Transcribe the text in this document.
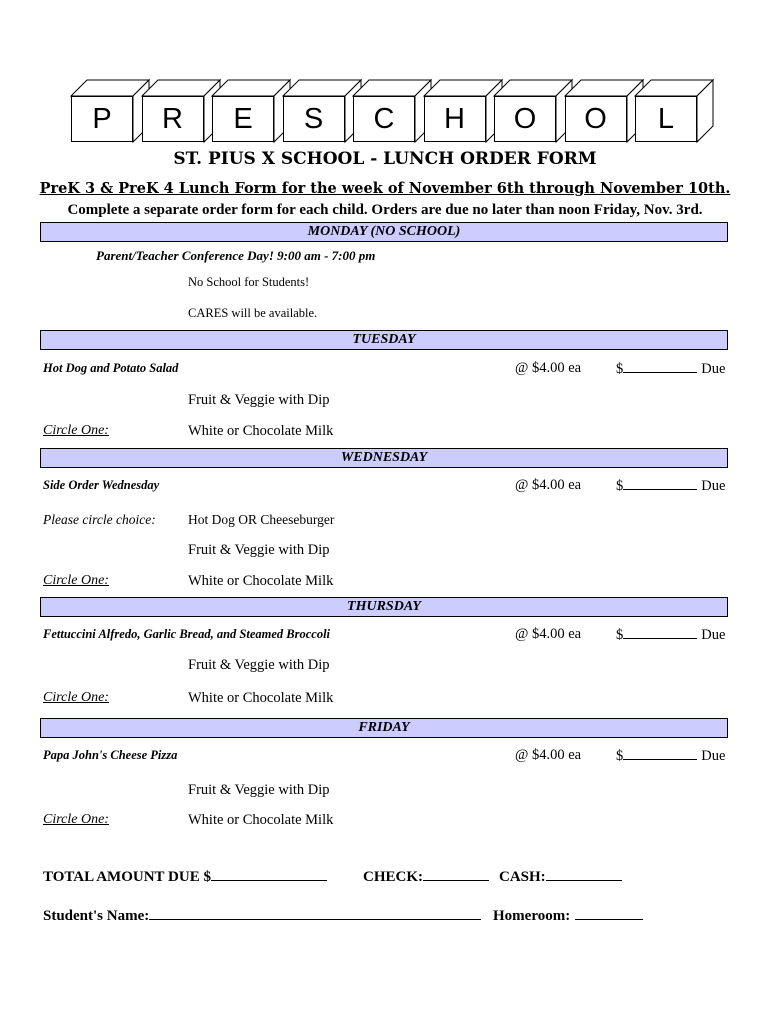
P	R	E	S	C	H	O	O	L
ST. PIUS X SCHOOL - LUNCH ORDER FORM
PreK 3 & PreK 4 Lunch Form for the week of November 6th through November 10th.
Complete a separate order form for each child. Orders are due no later than noon Friday, Nov. 3rd.
MONDAY (NO SCHOOL)
Parent/Teacher Conference Day! 9:00 am - 7:00 pm
No School for Students!
CARES will be available.
TUESDAY
Hot Dog and Potato Salad	@ $4.00 ea $	Due
Fruit & Veggie with Dip
Circle One:	White or Chocolate Milk
WEDNESDAY
Side Order Wednesday	@ $4.00 ea $	Due
Please circle choice: Hot Dog OR Cheeseburger
Fruit & Veggie with Dip
Circle One:	White or Chocolate Milk
THURSDAY
Fettuccini Alfredo, Garlic Bread, and Steamed Broccoli	@ $4.00 ea $	Due
Fruit & Veggie with Dip
Circle One:	White or Chocolate Milk
FRIDAY
Papa John's Cheese Pizza	@ $4.00 ea $	Due
Fruit & Veggie with Dip
Circle One:	White or Chocolate Milk
TOTAL AMOUNT DUE $	CHECK:	CASH:
Student's Name:	Homeroom:
